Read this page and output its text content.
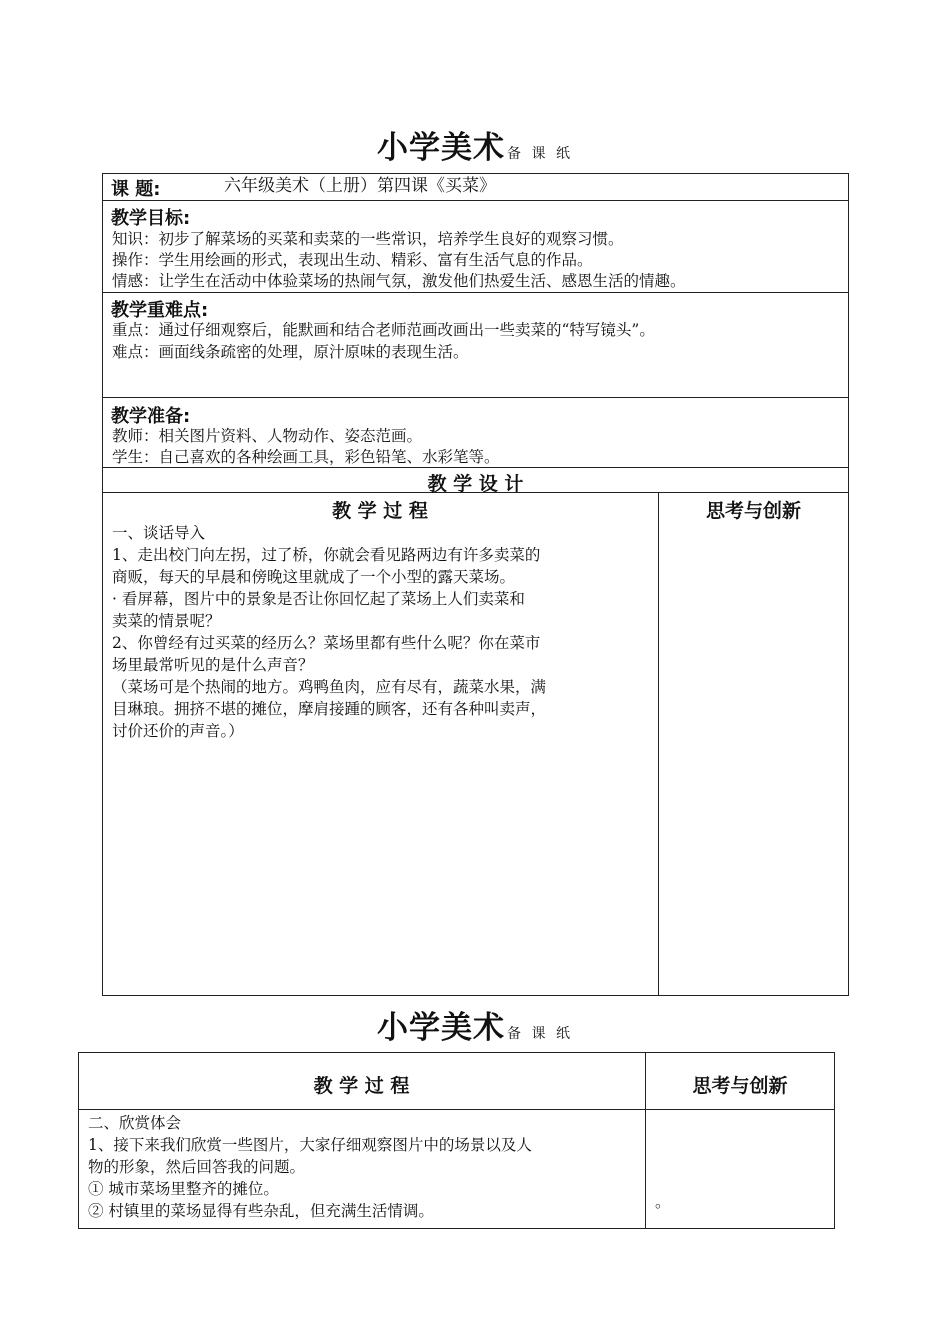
小学美术 备 课 纸
课 题:	六年级美术（上册）第四课《买菜》
教学目标:
知识：初步了解菜场的买菜和卖菜的一些常识，培养学生良好的观察习惯。
操作：学生用绘画的形式，表现出生动、精彩、富有生活气息的作品。
情感：让学生在活动中体验菜场的热闹气氛，激发他们热爱生活、感恩生活的情趣。
教学重难点:
重点：通过仔细观察后，能默画和结合老师范画改画出一些卖菜的“特写镜头”。
难点：画面线条疏密的处理，原汁原味的表现生活。
教学准备:
教师：相关图片资料、人物动作、姿态范画。
学生：自己喜欢的各种绘画工具，彩色铅笔、水彩笔等。
教 学 设 计
教 学 过 程	思考与创新
一、谈话导入
1、走出校门向左拐，过了桥，你就会看见路两边有许多卖菜的
商贩，每天的早晨和傍晚这里就成了一个小型的露天菜场。
· 看屏幕，图片中的景象是否让你回忆起了菜场上人们卖菜和
卖菜的情景呢？
2、你曾经有过买菜的经历么？菜场里都有些什么呢？你在菜市
场里最常听见的是什么声音？
（菜场可是个热闹的地方。鸡鸭鱼肉，应有尽有，蔬菜水果，满
目琳琅。拥挤不堪的摊位，摩肩接踵的顾客，还有各种叫卖声，
讨价还价的声音。）
小学美术 备 课 纸
教 学 过 程	思考与创新
二、欣赏体会
1、接下来我们欣赏一些图片，大家仔细观察图片中的场景以及人
物的形象，然后回答我的问题。
① 城市菜场里整齐的摊位。
② 村镇里的菜场显得有些杂乱，但充满生活情调。	。
